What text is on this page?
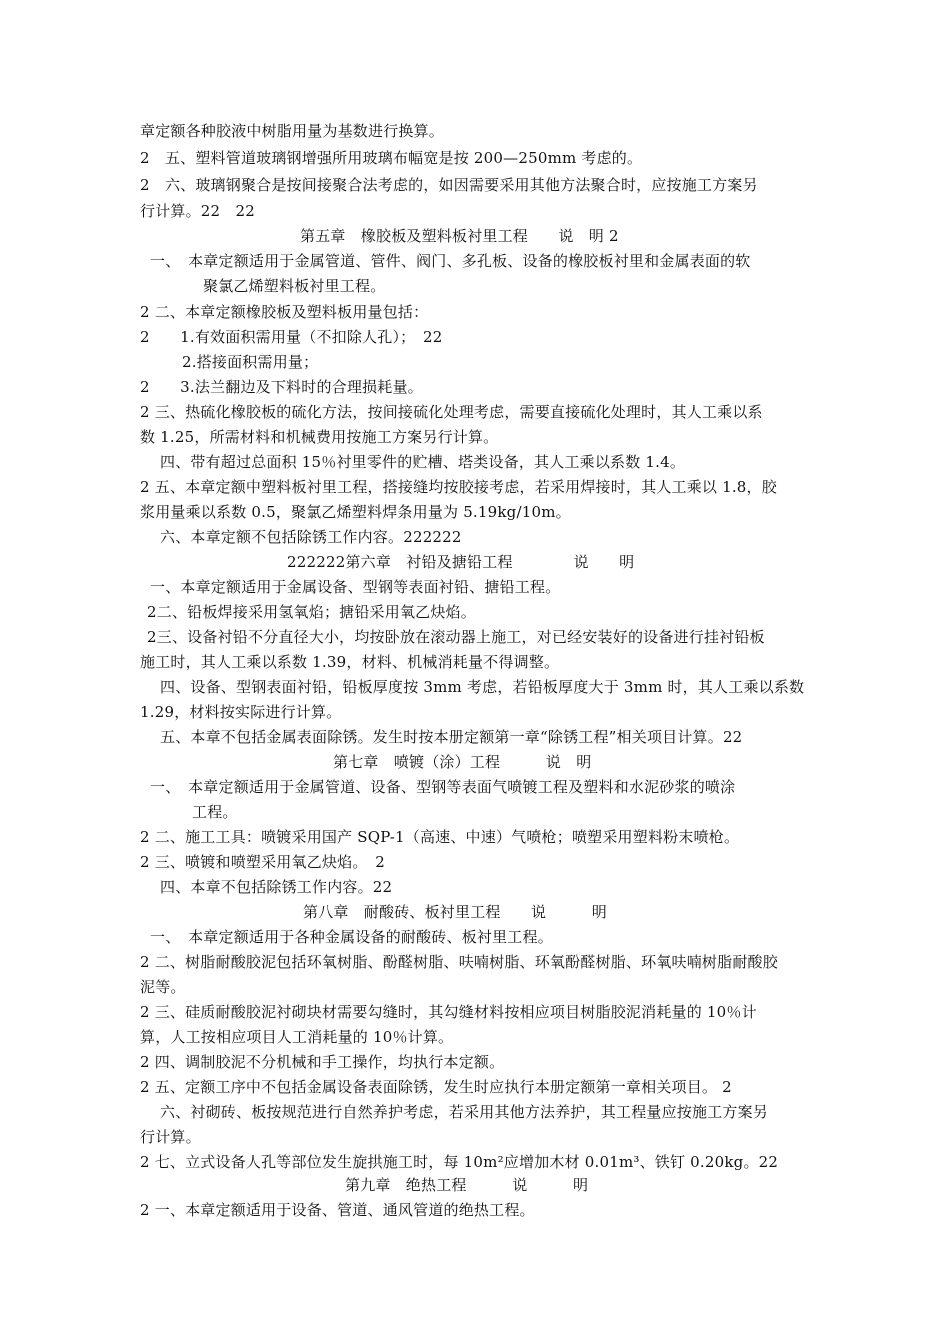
章定额各种胶液中树脂用量为基数进行换算。
2　五、塑料管道玻璃钢增强所用玻璃布幅宽是按 200—250mm 考虑的。
2　六、玻璃钢聚合是按间接聚合法考虑的，如因需要采用其他方法聚合时，应按施工方案另
行计算。22　22
第五章　橡胶板及塑料板衬里工程　　说　明 2
一、　本章定额适用于金属管道、管件、阀门、多孔板、设备的橡胶板衬里和金属表面的软
聚氯乙烯塑料板衬里工程。
2 二、本章定额橡胶板及塑料板用量包括：
2　　1.有效面积需用量（不扣除人孔）；　22
2.搭接面积需用量；
2　　3.法兰翻边及下料时的合理损耗量。
2 三、热硫化橡胶板的硫化方法，按间接硫化处理考虑，需要直接硫化处理时，其人工乘以系
数 1.25，所需材料和机械费用按施工方案另行计算。
四、带有超过总面积 15％衬里零件的贮槽、塔类设备，其人工乘以系数 1.4。
2 五、本章定额中塑料板衬里工程，搭接缝均按胶接考虑，若采用焊接时，其人工乘以 1.8，胶
浆用量乘以系数 0.5，聚氯乙烯塑料焊条用量为 5.19kg/10m。
六、本章定额不包括除锈工作内容。222222
222222第六章　衬铅及搪铅工程　　　　说　　明
一、本章定额适用于金属设备、型钢等表面衬铅、搪铅工程。
2二、铅板焊接采用氢氧焰；搪铅采用氧乙炔焰。
2三、设备衬铅不分直径大小，均按卧放在滚动器上施工，对已经安装好的设备进行挂衬铅板
施工时，其人工乘以系数 1.39，材料、机械消耗量不得调整。
四、设备、型钢表面衬铅，铅板厚度按 3mm 考虑，若铅板厚度大于 3mm 时，其人工乘以系数
1.29，材料按实际进行计算。
五、本章不包括金属表面除锈。发生时按本册定额第一章“除锈工程”相关项目计算。22
第七章　喷镀（涂）工程　　　说　明
一、　本章定额适用于金属管道、设备、型钢等表面气喷镀工程及塑料和水泥砂浆的喷涂
工程。
2 二、施工工具：喷镀采用国产 SQP-1（高速、中速）气喷枪；喷塑采用塑料粉末喷枪。
2 三、喷镀和喷塑采用氧乙炔焰。　2
四、本章不包括除锈工作内容。22
第八章　耐酸砖、板衬里工程　　说　　　明
一、　本章定额适用于各种金属设备的耐酸砖、板衬里工程。
2 二、树脂耐酸胶泥包括环氧树脂、酚醛树脂、呋喃树脂、环氧酚醛树脂、环氧呋喃树脂耐酸胶
泥等。
2 三、硅质耐酸胶泥衬砌块材需要勾缝时，其勾缝材料按相应项目树脂胶泥消耗量的 10％计
算，人工按相应项目人工消耗量的 10％计算。
2 四、调制胶泥不分机械和手工操作，均执行本定额。
2 五、定额工序中不包括金属设备表面除锈，发生时应执行本册定额第一章相关项目。 2
六、衬砌砖、板按规范进行自然养护考虑，若采用其他方法养护，其工程量应按施工方案另
行计算。
2 七、立式设备人孔等部位发生旋拱施工时，每 10m²应增加木材 0.01m³、铁钉 0.20kg。22
第九章　绝热工程　　　说　　　明
2 一、本章定额适用于设备、管道、通风管道的绝热工程。
